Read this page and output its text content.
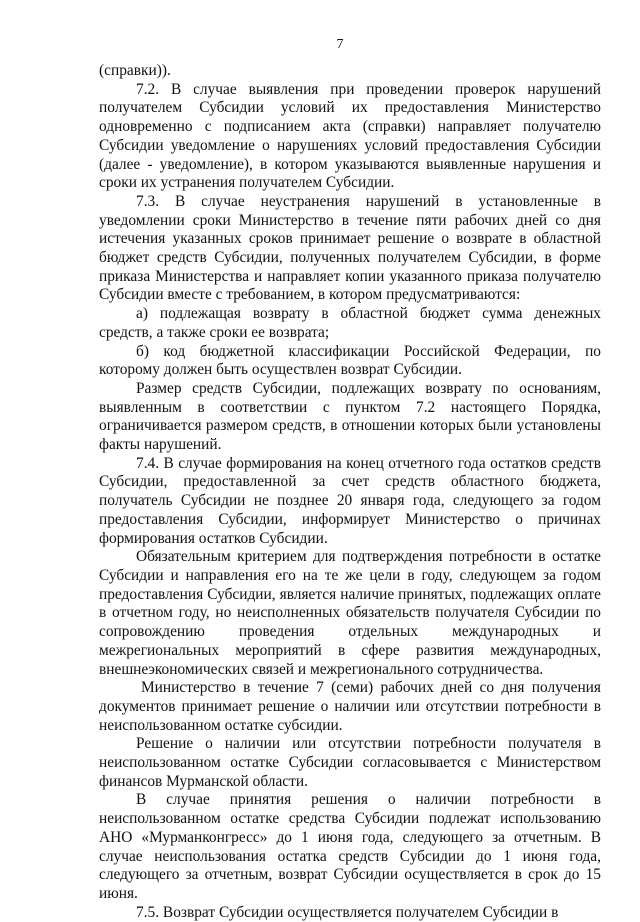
7

(справки)).

7.2. В случае выявления при проведении проверок нарушений получателем Субсидии условий их предоставления Министерство одновременно с подписанием акта (справки) направляет получателю Субсидии уведомление о нарушениях условий предоставления Субсидии (далее - уведомление), в котором указываются выявленные нарушения и сроки их устранения получателем Субсидии.

7.3. В случае неустранения нарушений в установленные в уведомлении сроки Министерство в течение пяти рабочих дней со дня истечения указанных сроков принимает решение о возврате в областной бюджет средств Субсидии, полученных получателем Субсидии, в форме приказа Министерства и направляет копии указанного приказа получателю Субсидии вместе с требованием, в котором предусматриваются:

а) подлежащая возврату в областной бюджет сумма денежных средств, а также сроки ее возврата;

б) код бюджетной классификации Российской Федерации, по которому должен быть осуществлен возврат Субсидии.

Размер средств Субсидии, подлежащих возврату по основаниям, выявленным в соответствии с пунктом 7.2 настоящего Порядка, ограничивается размером средств, в отношении которых были установлены факты нарушений.

7.4. В случае формирования на конец отчетного года остатков средств Субсидии, предоставленной за счет средств областного бюджета, получатель Субсидии не позднее 20 января года, следующего за годом предоставления Субсидии, информирует Министерство о причинах формирования остатков Субсидии.

Обязательным критерием для подтверждения потребности в остатке Субсидии и направления его на те же цели в году, следующем за годом предоставления Субсидии, является наличие принятых, подлежащих оплате в отчетном году, но неисполненных обязательств получателя Субсидии по сопровождению проведения отдельных международных и межрегиональных мероприятий в сфере развития международных, внешнеэкономических связей и межрегионального сотрудничества.

Министерство в течение 7 (семи) рабочих дней со дня получения документов принимает решение о наличии или отсутствии потребности в неиспользованном остатке субсидии.

Решение о наличии или отсутствии потребности получателя в неиспользованном остатке Субсидии согласовывается с Министерством финансов Мурманской области.

В случае принятия решения о наличии потребности в неиспользованном остатке средства Субсидии подлежат использованию АНО «Мурманконгресс» до 1 июня года, следующего за отчетным. В случае неиспользования остатка средств Субсидии до 1 июня года, следующего за отчетным, возврат Субсидии осуществляется в срок до 15 июня.

7.5. Возврат Субсидии осуществляется получателем Субсидии в
